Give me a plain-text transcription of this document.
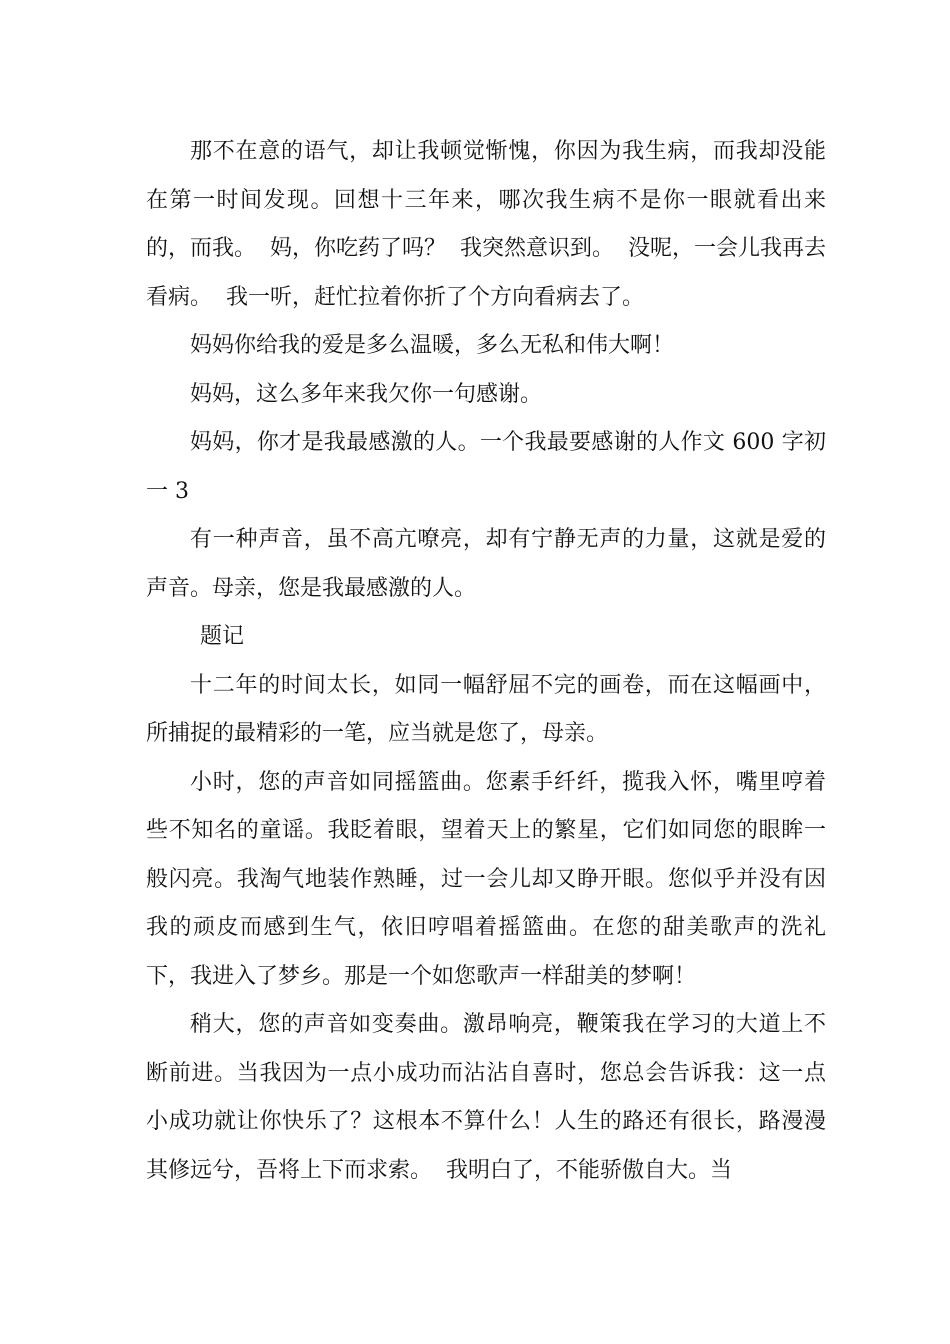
那不在意的语气，却让我顿觉惭愧，你因为我生病，而我却没能在第一时间发现。回想十三年来，哪次我生病不是你一眼就看出来的，而我。  妈，你吃药了吗？  我突然意识到。  没呢，一会儿我再去看病。  我一听，赶忙拉着你折了个方向看病去了。

妈妈你给我的爱是多么温暖，多么无私和伟大啊！

妈妈，这么多年来我欠你一句感谢。

妈妈，你才是我最感激的人。一个我最要感谢的人作文 600 字初一 3

有一种声音，虽不高亢嘹亮，却有宁静无声的力量，这就是爱的声音。母亲，您是我最感激的人。

题记

十二年的时间太长，如同一幅舒屈不完的画卷，而在这幅画中，所捕捉的最精彩的一笔，应当就是您了，母亲。

小时，您的声音如同摇篮曲。您素手纤纤，揽我入怀，嘴里哼着些不知名的童谣。我眨着眼，望着天上的繁星，它们如同您的眼眸一般闪亮。我淘气地装作熟睡，过一会儿却又睁开眼。您似乎并没有因我的顽皮而感到生气，依旧哼唱着摇篮曲。在您的甜美歌声的洗礼下，我进入了梦乡。那是一个如您歌声一样甜美的梦啊！

稍大，您的声音如变奏曲。激昂响亮，鞭策我在学习的大道上不断前进。当我因为一点小成功而沾沾自喜时，您总会告诉我：这一点小成功就让你快乐了？这根本不算什么！人生的路还有很长，路漫漫其修远兮，吾将上下而求索。  我明白了，不能骄傲自大。当
